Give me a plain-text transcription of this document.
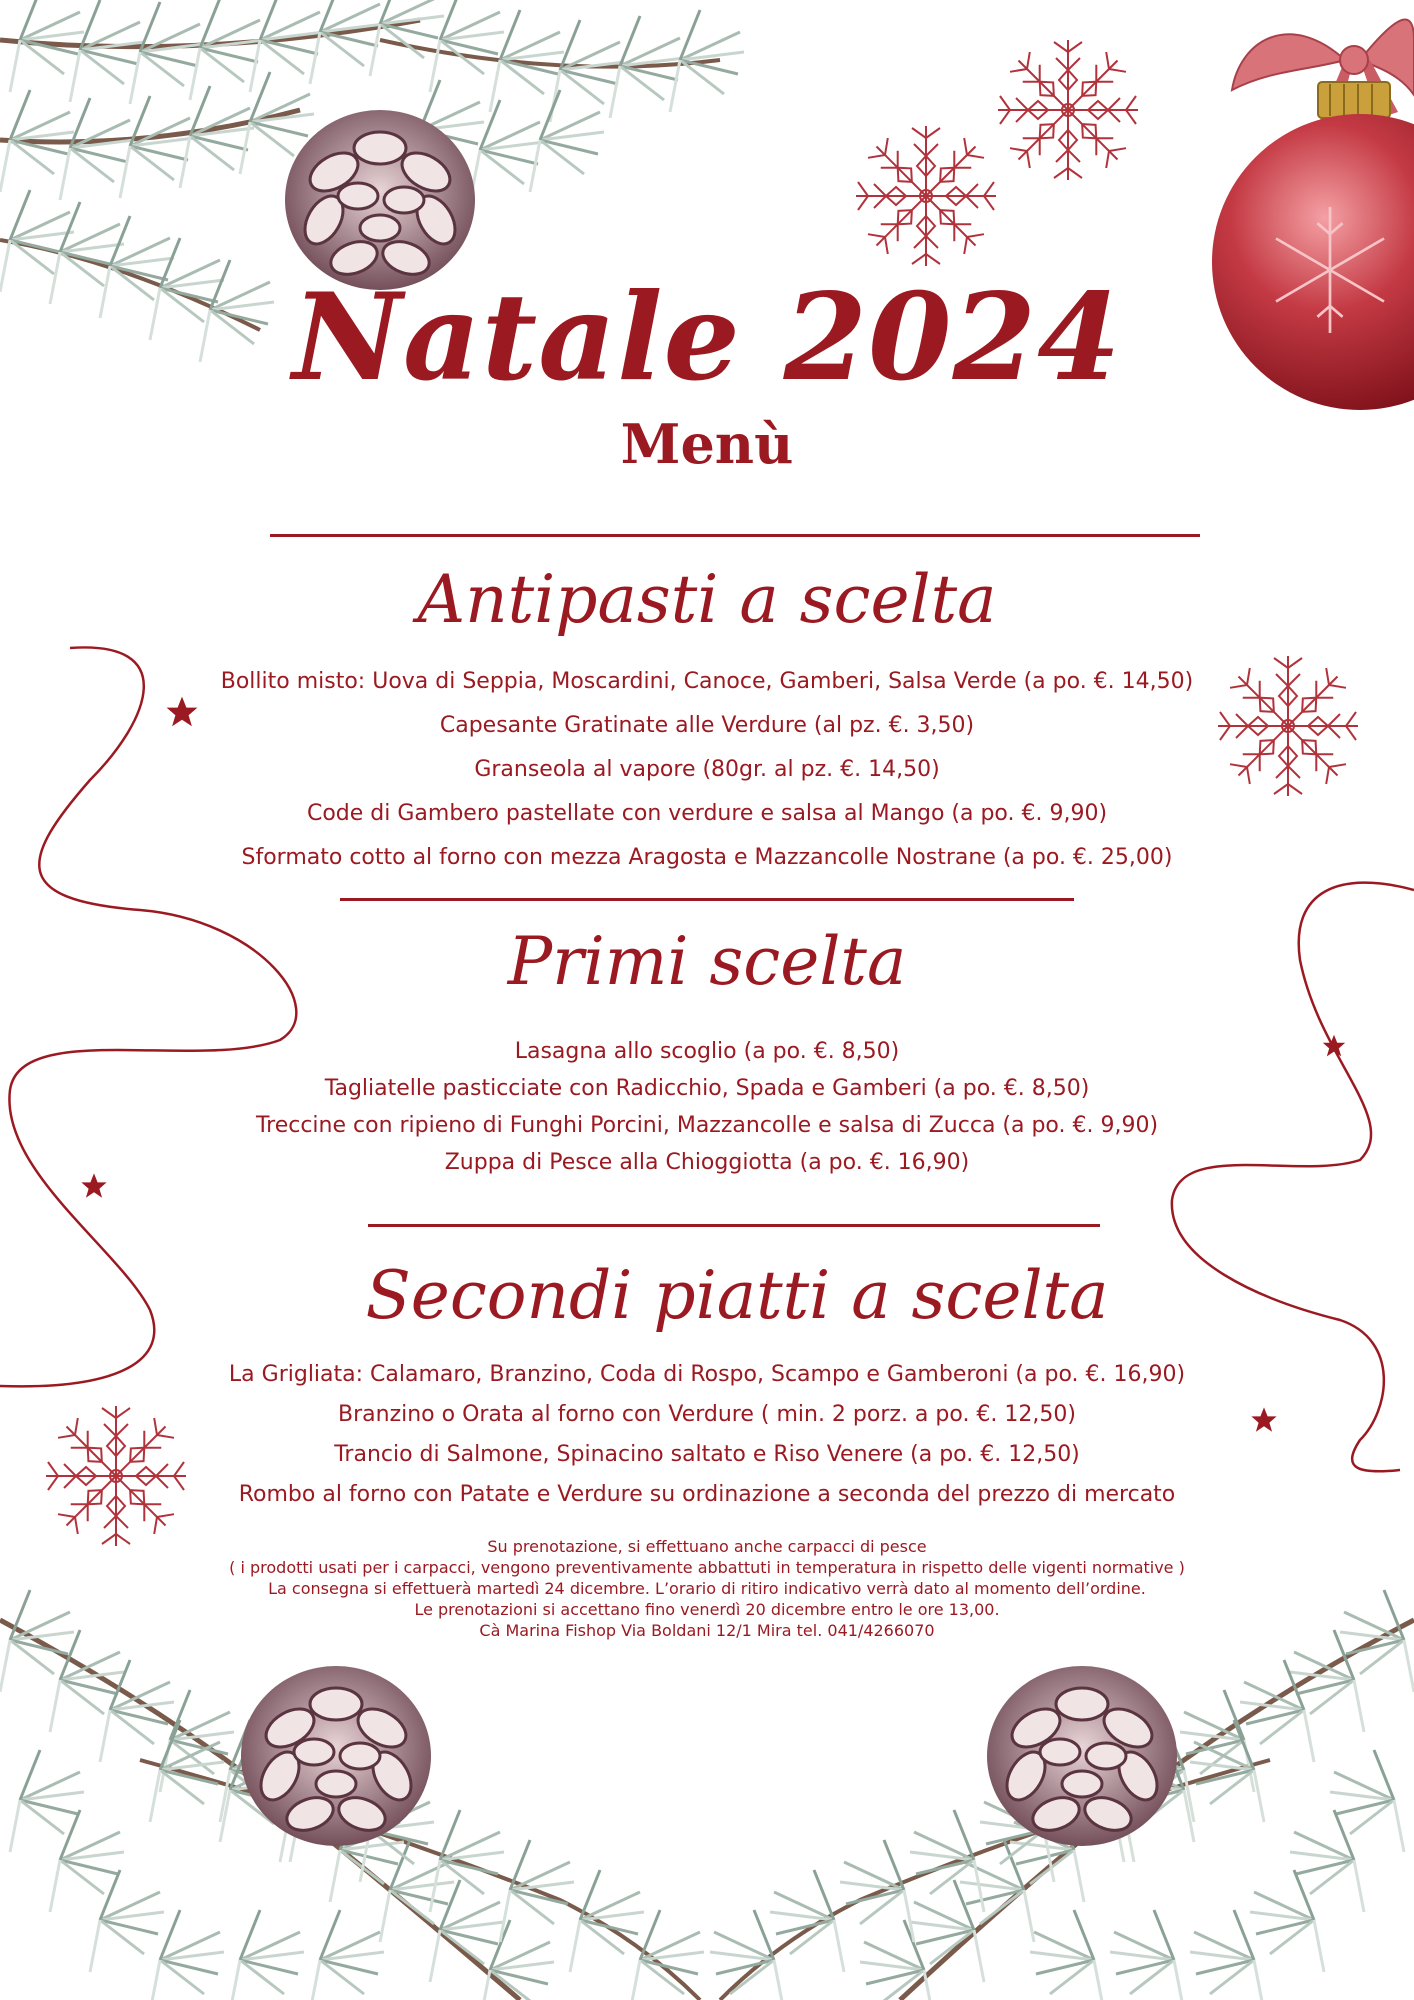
Natale 2024
Menù
Antipasti a scelta

Bollito misto: Uova di Seppia, Moscardini, Canoce, Gamberi, Salsa Verde (a po. €. 14,50)

Capesante Gratinate alle Verdure (al pz. €. 3,50)

Granseola al vapore (80gr. al pz. €. 14,50)

Code di Gambero pastellate con verdure e salsa al Mango (a po. €. 9,90)

Sformato cotto al forno con mezza Aragosta e Mazzancolle Nostrane (a po. €. 25,00)

Primi scelta

Lasagna allo scoglio (a po. €. 8,50)

Tagliatelle pasticciate con Radicchio, Spada e Gamberi (a po. €. 8,50)

Treccine con ripieno di Funghi Porcini, Mazzancolle e salsa di Zucca (a po. €. 9,90)

Zuppa di Pesce alla Chioggiotta (a po. €. 16,90)

Secondi piatti a scelta

La Grigliata: Calamaro, Branzino, Coda di Rospo, Scampo e Gamberoni (a po. €. 16,90)

Branzino o Orata al forno con Verdure ( min. 2 porz. a po. €. 12,50)

Trancio di Salmone, Spinacino saltato e Riso Venere (a po. €. 12,50)

Rombo al forno con Patate e Verdure su ordinazione a seconda del prezzo di mercato

Su prenotazione, si effettuano anche carpacci di pesce

( i prodotti usati per i carpacci, vengono preventivamente abbattuti in temperatura in rispetto delle vigenti normative )

La consegna si effettuerà martedì 24 dicembre. L’orario di ritiro indicativo verrà dato al momento dell’ordine.

Le prenotazioni si accettano fino venerdì 20 dicembre entro le ore 13,00.

Cà Marina Fishop Via Boldani 12/1 Mira tel. 041/4266070
